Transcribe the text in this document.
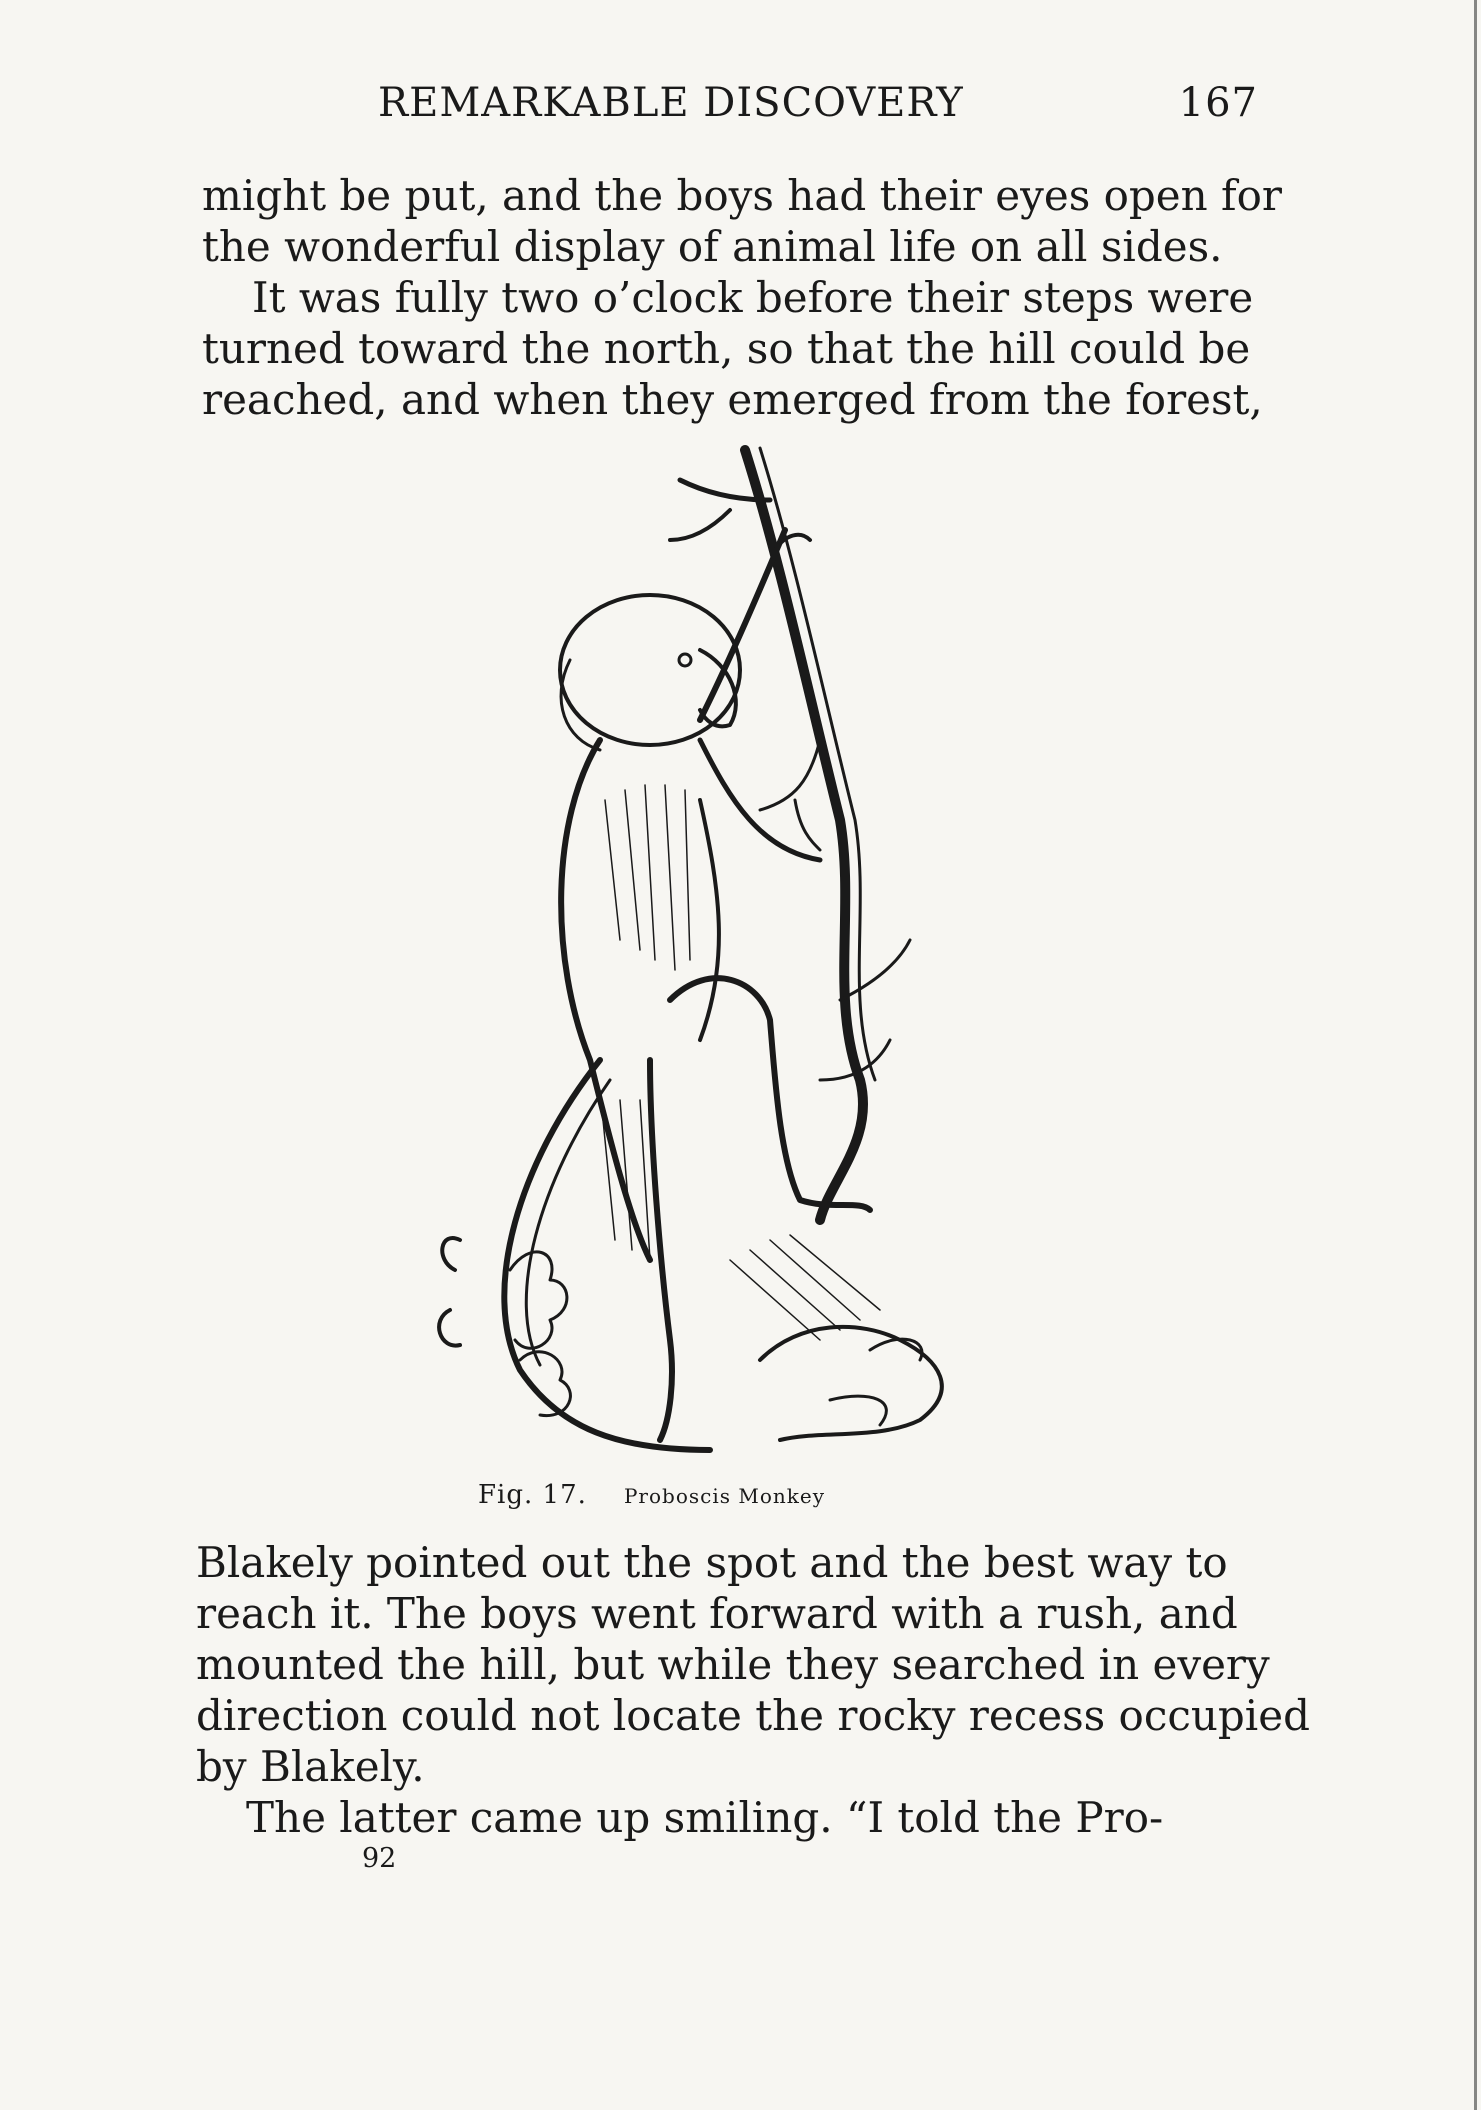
REMARKABLE DISCOVERY	167
might be put, and the boys had their eyes open for
the wonderful display of animal life on all sides.
It was fully two o’clock before their steps were
turned toward the north, so that the hill could be
reached, and when they emerged from the forest,
Fig. 17. Proboscis Monkey
Blakely pointed out the spot and the best way to
reach it. The boys went forward with a rush, and
mounted the hill, but while they searched in every
direction could not locate the rocky recess occupied
by Blakely.
The latter came up smiling. “I told the Pro-
92
